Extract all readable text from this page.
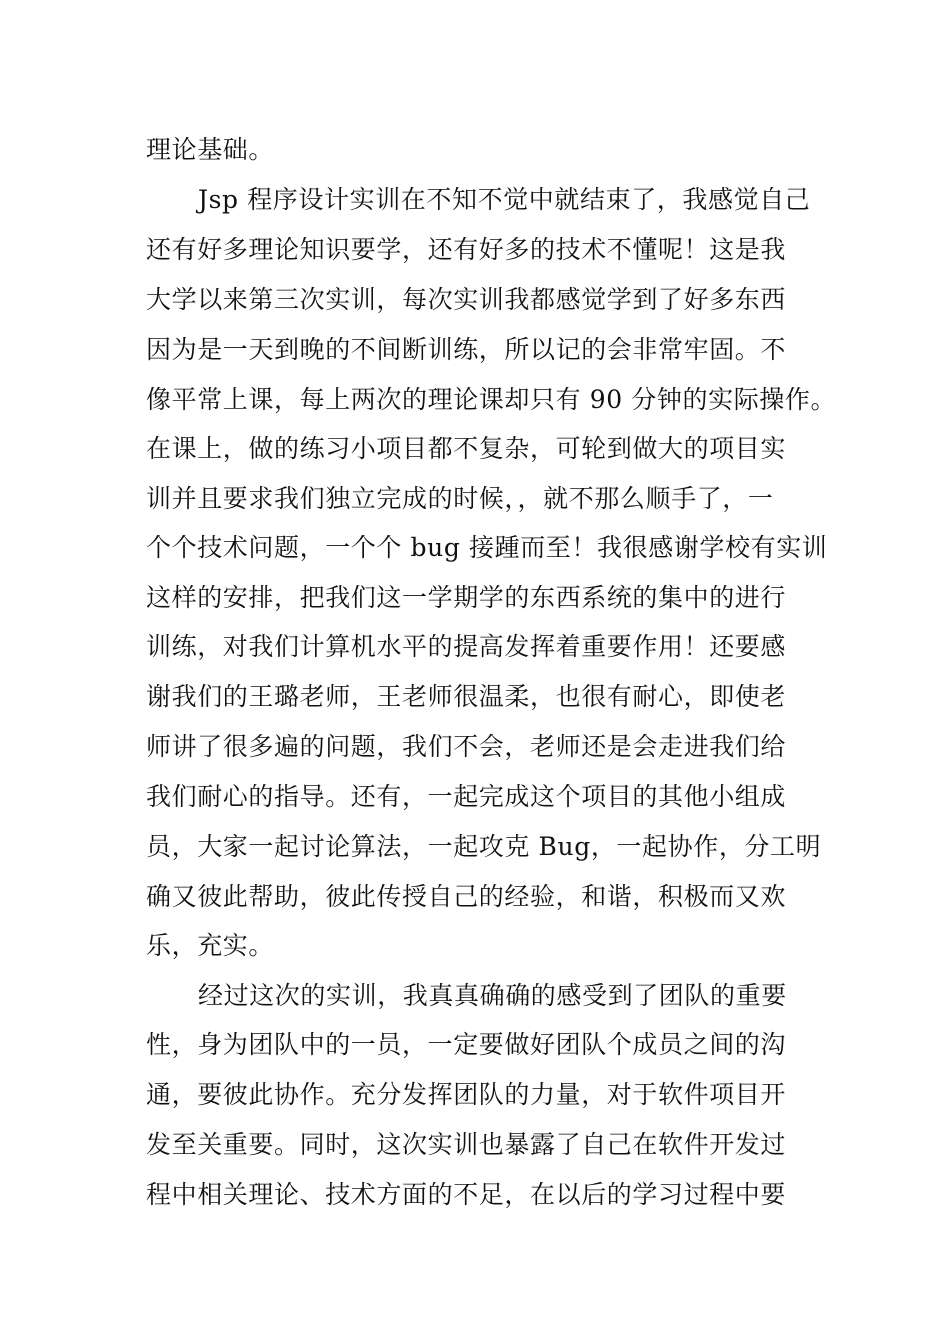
理论基础。
Jsp 程序设计实训在不知不觉中就结束了，我感觉自己
还有好多理论知识要学，还有好多的技术不懂呢！这是我
大学以来第三次实训，每次实训我都感觉学到了好多东西
因为是一天到晚的不间断训练，所以记的会非常牢固。不
像平常上课，每上两次的理论课却只有 90 分钟的实际操作。
在课上，做的练习小项目都不复杂，可轮到做大的项目实
训并且要求我们独立完成的时候，，就不那么顺手了，一
个个技术问题，一个个 bug 接踵而至！我很感谢学校有实训
这样的安排，把我们这一学期学的东西系统的集中的进行
训练，对我们计算机水平的提高发挥着重要作用！还要感
谢我们的王璐老师，王老师很温柔，也很有耐心，即使老
师讲了很多遍的问题，我们不会，老师还是会走进我们给
我们耐心的指导。还有，一起完成这个项目的其他小组成
员，大家一起讨论算法，一起攻克 Bug，一起协作，分工明
确又彼此帮助，彼此传授自己的经验，和谐，积极而又欢
乐，充实。
经过这次的实训，我真真确确的感受到了团队的重要
性，身为团队中的一员，一定要做好团队个成员之间的沟
通，要彼此协作。充分发挥团队的力量，对于软件项目开
发至关重要。同时，这次实训也暴露了自己在软件开发过
程中相关理论、技术方面的不足，在以后的学习过程中要
